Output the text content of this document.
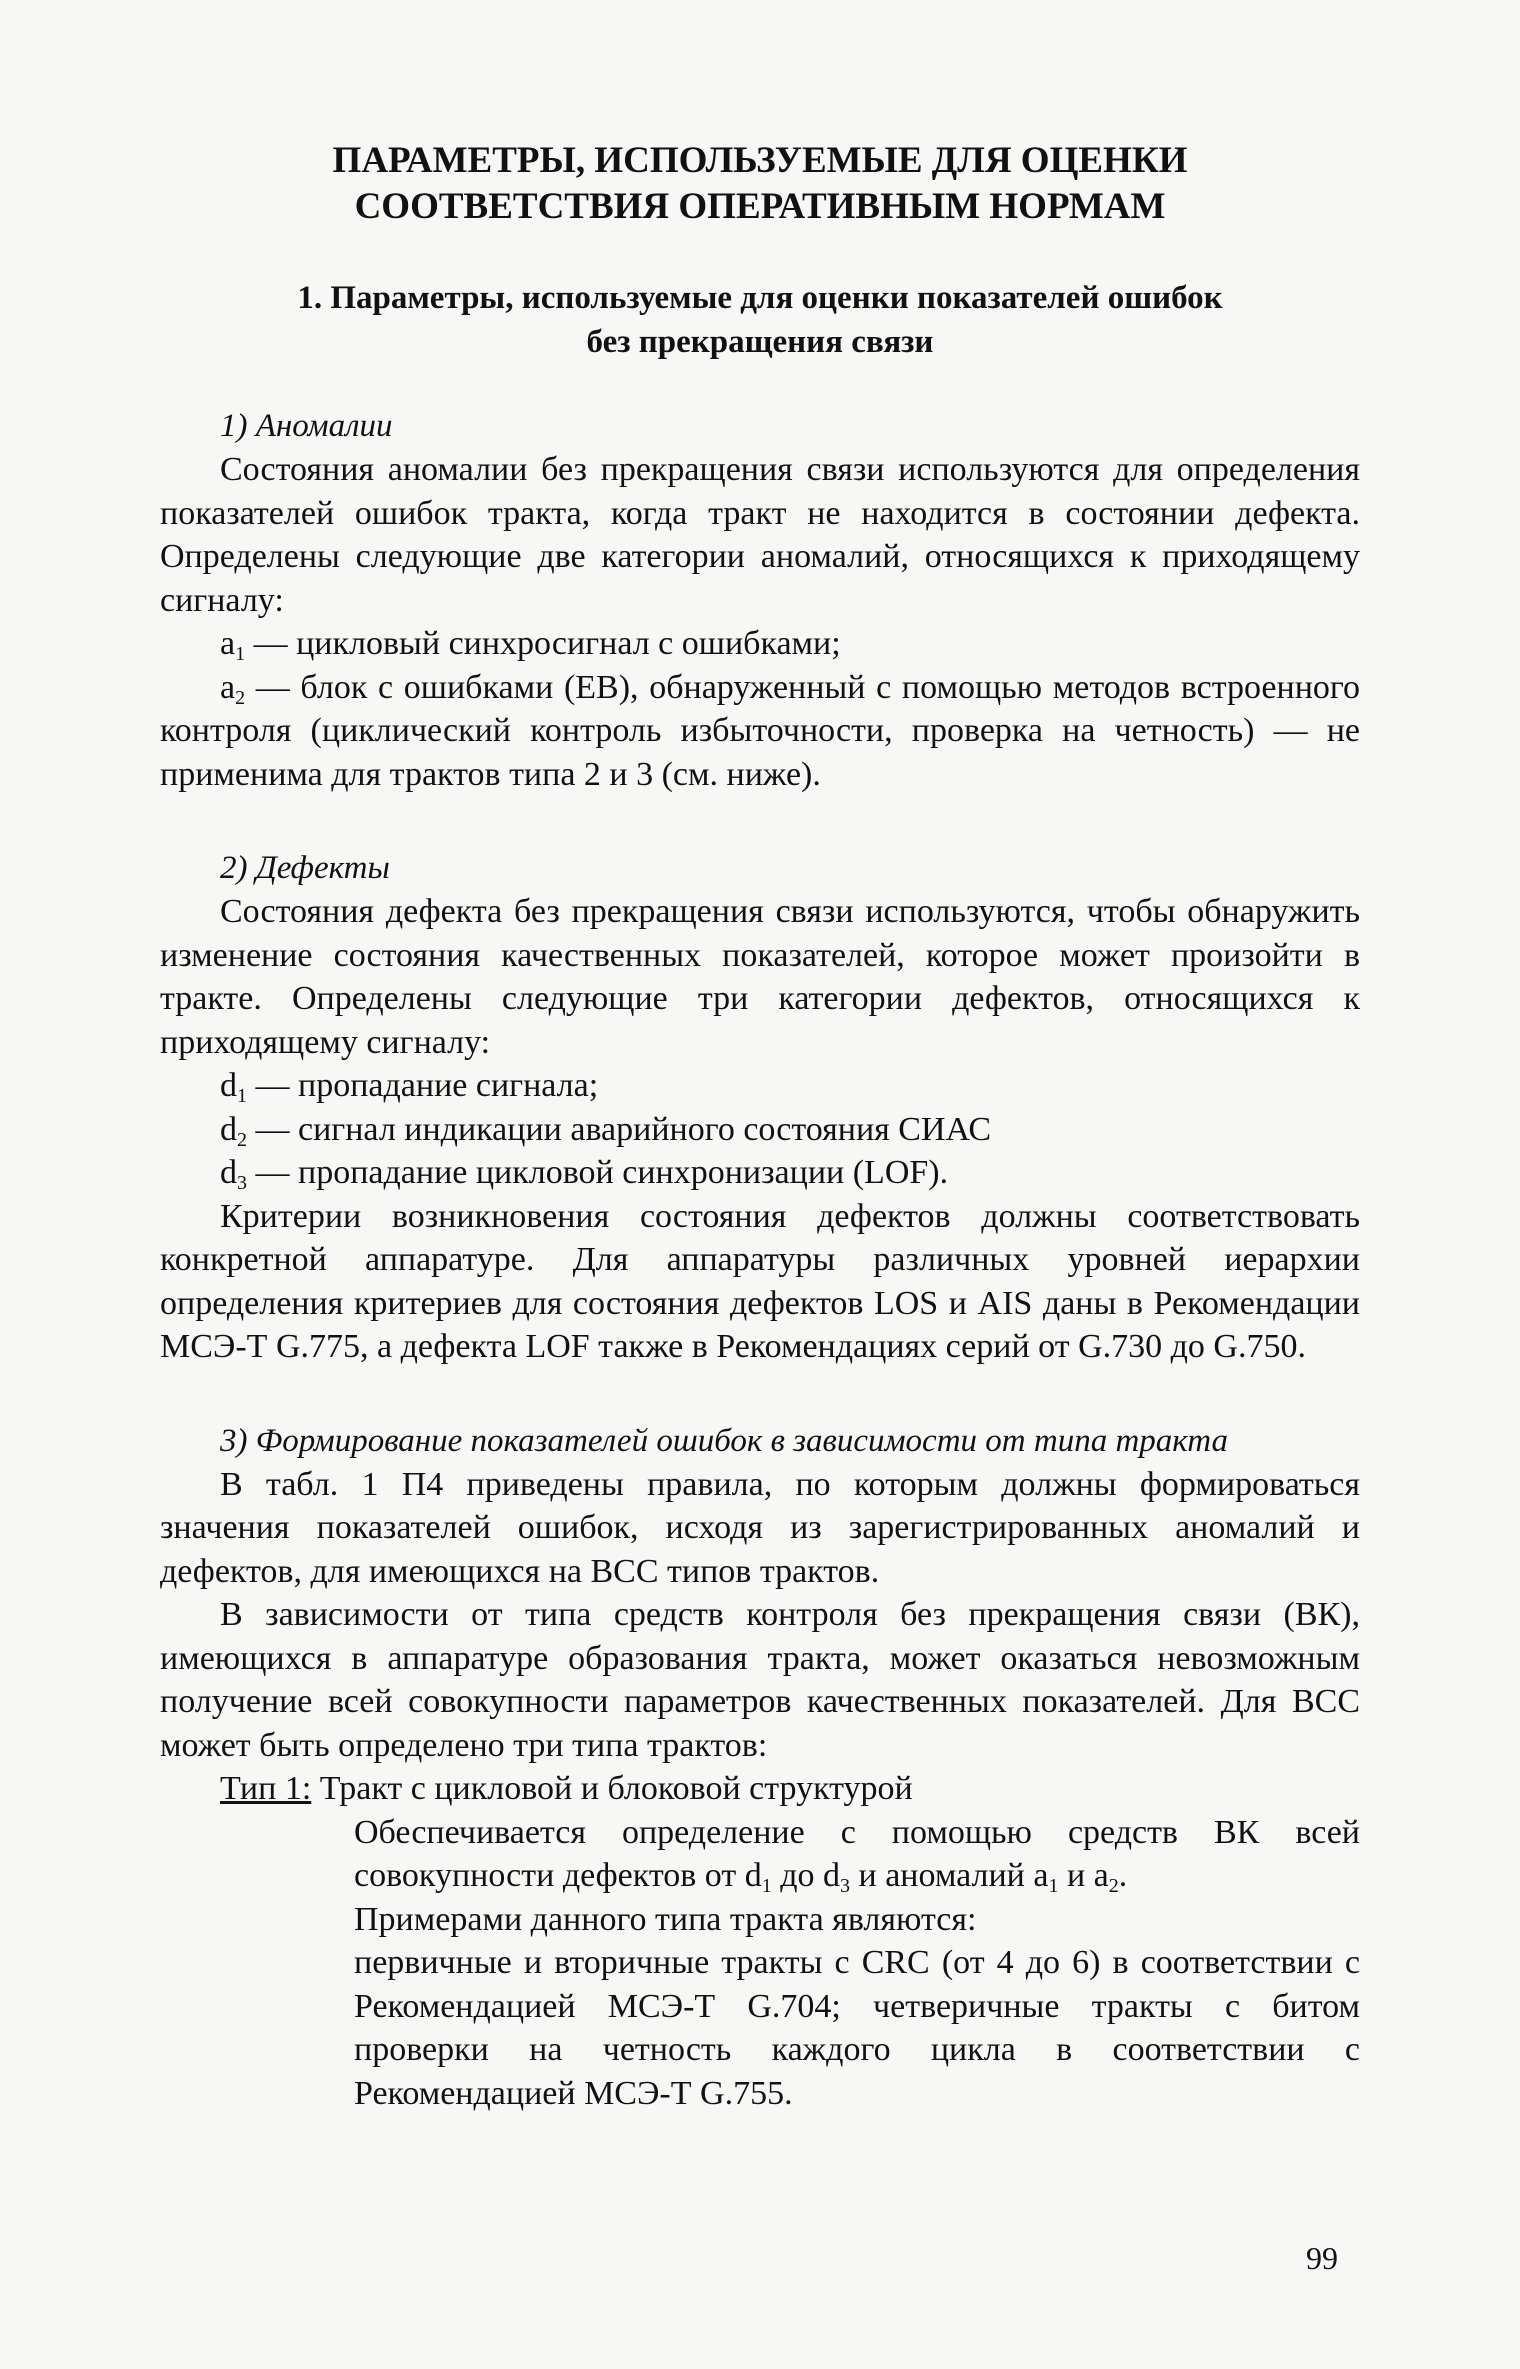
ПАРАМЕТРЫ, ИСПОЛЬЗУЕМЫЕ ДЛЯ ОЦЕНКИ
СООТВЕТСТВИЯ ОПЕРАТИВНЫМ НОРМАМ
1. Параметры, используемые для оценки показателей ошибок
без прекращения связи
1) Аномалии

Состояния аномалии без прекращения связи используются для определения показателей ошибок тракта, когда тракт не находится в состоянии дефекта. Определены следующие две категории аномалий, относящихся к приходящему сигналу:

$a_1$ — цикловый синхросигнал с ошибками;

$a_2$ — блок с ошибками (ЕВ), обнаруженный с помощью методов встроенного контроля (циклический контроль избыточности, проверка на четность) — не применима для трактов типа 2 и 3 (см. ниже).

2) Дефекты

Состояния дефекта без прекращения связи используются, чтобы обнаружить изменение состояния качественных показателей, которое может произойти в тракте. Определены следующие три категории дефектов, относящихся к приходящему сигналу:

$d_1$ — пропадание сигнала;

$d_2$ — сигнал индикации аварийного состояния СИАС

$d_3$ — пропадание цикловой синхронизации (LOF).

Критерии возникновения состояния дефектов должны соответствовать конкретной аппаратуре. Для аппаратуры различных уровней иерархии определения критериев для состояния дефектов LOS и AIS даны в Рекомендации МСЭ-Т G.775, а дефекта LOF также в Рекомендациях серий от G.730 до G.750.

3) Формирование показателей ошибок в зависимости от типа тракта

В табл. 1 П4 приведены правила, по которым должны формироваться значения показателей ошибок, исходя из зарегистрированных аномалий и дефектов, для имеющихся на ВСС типов трактов.

В зависимости от типа средств контроля без прекращения связи (ВК), имеющихся в аппаратуре образования тракта, может оказаться невозможным получение всей совокупности параметров качественных показателей. Для ВСС может быть определено три типа трактов:

Тип 1: Тракт с цикловой и блоковой структурой

Обеспечивается определение с помощью средств ВК всей совокупности дефектов от $d_1$ до $d_3$ и аномалий $a_1$ и $a_2$.

Примерами данного типа тракта являются:

первичные и вторичные тракты с CRC (от 4 до 6) в соответствии с Рекомендацией МСЭ-Т G.704; четверичные тракты с битом проверки на четность каждого цикла в соответствии с Рекомендацией МСЭ-Т G.755.

99
